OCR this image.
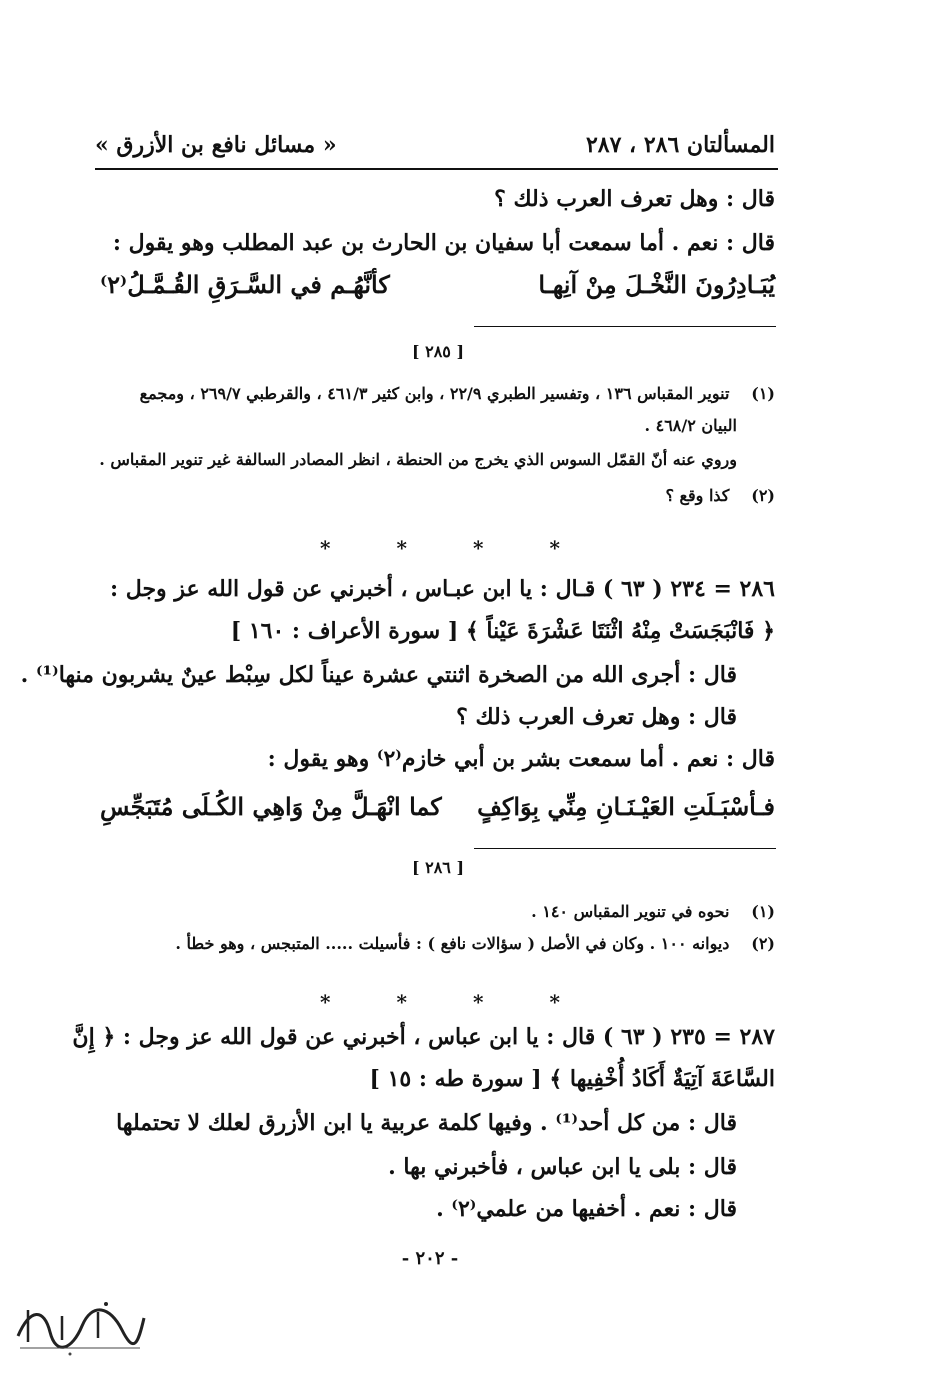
المسألتان ٢٨٦ ، ٢٨٧
« مسائل نافع بن الأزرق »
قال : وهل تعرف العرب ذلك ؟
قال : نعم . أما سمعت أبا سفيان بن الحارث بن عبد المطلب وهو يقول :
يُبَـادِرُونَ النَّخْـلَ مِنْ آنِهـا
كأنَّهُـم في السَّـرَقِ القُـمَّـلُ⁽٢⁾
[ ٢٨٥ ]
(١) تنوير المقباس ١٣٦ ، وتفسير الطبري ٢٢/٩ ، وابن كثير ٤٦١/٣ ، والقرطبي ٢٦٩/٧ ، ومجمع
البيان ٤٦٨/٢ .
وروي عنه أنّ القمّل السوس الذي يخرج من الحنطة ، انظر المصادر السالفة غير تنوير المقباس .
(٢) كذا وقع ؟
*	*	*	*
٢٨٦ = ٢٣٤ ( ٦٣ ) قـال : يا ابن عبـاس ، أخبرني عن قول الله عز وجل :
﴿ فَانْبَجَسَتْ مِنْهُ اثْنَتَا عَشْرَةَ عَيْناً ﴾ [ سورة الأعراف : ١٦٠ ]
قال : أجرى الله من الصخرة اثنتي عشرة عيناً لكل سِبْط عينٌ يشربون منها⁽¹⁾ .
قال : وهل تعرف العرب ذلك ؟
قال : نعم . أما سمعت بشر بن أبي خازم⁽٢⁾ وهو يقول :
فـأسْبَـلَتِ العَيْـنَـانِ مِنِّي بِوَاكِفٍ
كما انْهَـلَّ مِنْ وَاهِي الكُـلَى مُتَبَجِّسِ
[ ٢٨٦ ]
(١) نحوه في تنوير المقباس ١٤٠ .
(٢) ديوانه ١٠٠ . وكان في الأصل ( سؤالات نافع ) : فأسيلت ..... المتبجس ، وهو خطأ .
*	*	*	*
٢٨٧ = ٢٣٥ ( ٦٣ ) قال : يا ابن عباس ، أخبرني عن قول الله عز وجل : ﴿ إِنَّ
السَّاعَةَ آتِيَةٌ أَكَادُ أُخْفِيها ﴾ [ سورة طه : ١٥ ]
قال : من كل أحد⁽¹⁾ . وفيها كلمة عربية يا ابن الأزرق لعلك لا تحتملها
قال : بلى يا ابن عباس ، فأخبرني بها .
قال : نعم . أخفيها من علمي⁽٢⁾ .
- ٢٠٢ -
